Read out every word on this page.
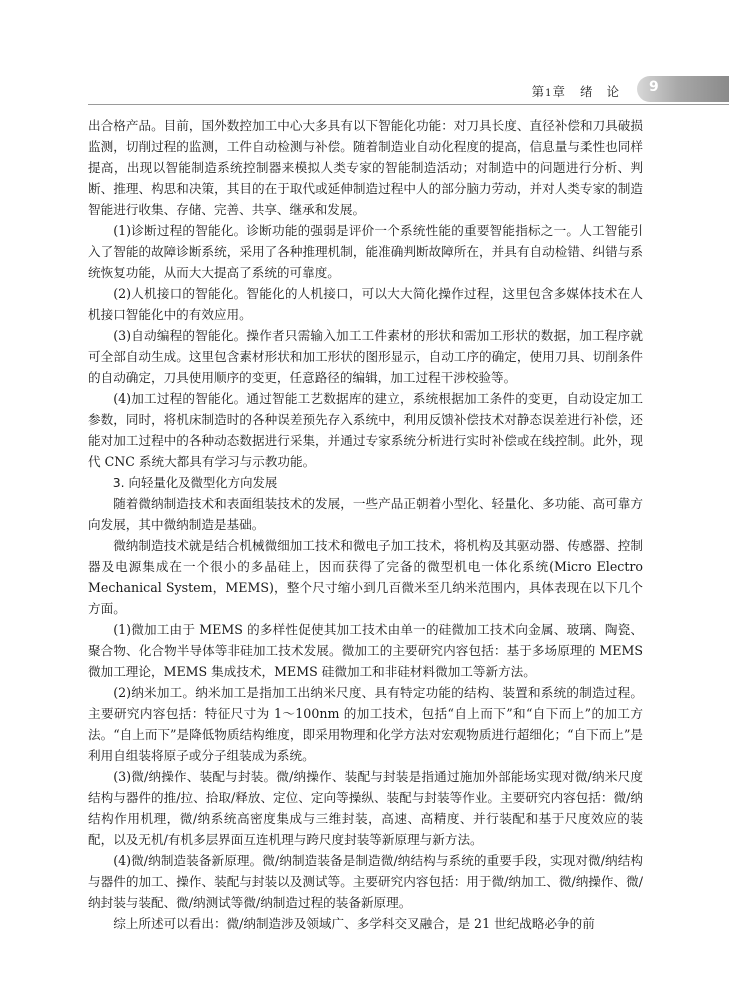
第1章 绪论 9

出合格产品。目前，国外数控加工中心大多具有以下智能化功能：对刀具长度、直径补偿和刀具破损监测，切削过程的监测，工件自动检测与补偿。随着制造业自动化程度的提高，信息量与柔性也同样提高，出现以智能制造系统控制器来模拟人类专家的智能制造活动；对制造中的问题进行分析、判断、推理、构思和决策，其目的在于取代或延伸制造过程中人的部分脑力劳动，并对人类专家的制造智能进行收集、存储、完善、共享、继承和发展。

(1)诊断过程的智能化。诊断功能的强弱是评价一个系统性能的重要智能指标之一。人工智能引入了智能的故障诊断系统，采用了各种推理机制，能准确判断故障所在，并具有自动检错、纠错与系统恢复功能，从而大大提高了系统的可靠度。

(2)人机接口的智能化。智能化的人机接口，可以大大简化操作过程，这里包含多媒体技术在人机接口智能化中的有效应用。

(3)自动编程的智能化。操作者只需输入加工工件素材的形状和需加工形状的数据，加工程序就可全部自动生成。这里包含素材形状和加工形状的图形显示，自动工序的确定，使用刀具、切削条件的自动确定，刀具使用顺序的变更，任意路径的编辑，加工过程干涉校验等。

(4)加工过程的智能化。通过智能工艺数据库的建立，系统根据加工条件的变更，自动设定加工参数，同时，将机床制造时的各种误差预先存入系统中，利用反馈补偿技术对静态误差进行补偿，还能对加工过程中的各种动态数据进行采集，并通过专家系统分析进行实时补偿或在线控制。此外，现代 CNC 系统大都具有学习与示教功能。

3. 向轻量化及微型化方向发展

随着微纳制造技术和表面组装技术的发展，一些产品正朝着小型化、轻量化、多功能、高可靠方向发展，其中微纳制造是基础。

微纳制造技术就是结合机械微细加工技术和微电子加工技术，将机构及其驱动器、传感器、控制器及电源集成在一个很小的多晶硅上，因而获得了完备的微型机电一体化系统(Micro Electro Mechanical System，MEMS)，整个尺寸缩小到几百微米至几纳米范围内，具体表现在以下几个方面。

(1)微加工由于 MEMS 的多样性促使其加工技术由单一的硅微加工技术向金属、玻璃、陶瓷、聚合物、化合物半导体等非硅加工技术发展。微加工的主要研究内容包括：基于多场原理的 MEMS 微加工理论，MEMS 集成技术，MEMS 硅微加工和非硅材料微加工等新方法。

(2)纳米加工。纳米加工是指加工出纳米尺度、具有特定功能的结构、装置和系统的制造过程。主要研究内容包括：特征尺寸为 1～100nm 的加工技术，包括“自上而下”和“自下而上”的加工方法。“自上而下”是降低物质结构维度，即采用物理和化学方法对宏观物质进行超细化；“自下而上”是利用自组装将原子或分子组装成为系统。

(3)微/纳操作、装配与封装。微/纳操作、装配与封装是指通过施加外部能场实现对微/纳米尺度结构与器件的推/拉、拾取/释放、定位、定向等操纵、装配与封装等作业。主要研究内容包括：微/纳结构作用机理，微/纳系统高密度集成与三维封装，高速、高精度、并行装配和基于尺度效应的装配，以及无机/有机多层界面互连机理与跨尺度封装等新原理与新方法。

(4)微/纳制造装备新原理。微/纳制造装备是制造微/纳结构与系统的重要手段，实现对微/纳结构与器件的加工、操作、装配与封装以及测试等。主要研究内容包括：用于微/纳加工、微/纳操作、微/纳封装与装配、微/纳测试等微/纳制造过程的装备新原理。

综上所述可以看出：微/纳制造涉及领域广、多学科交叉融合，是 21 世纪战略必争的前
